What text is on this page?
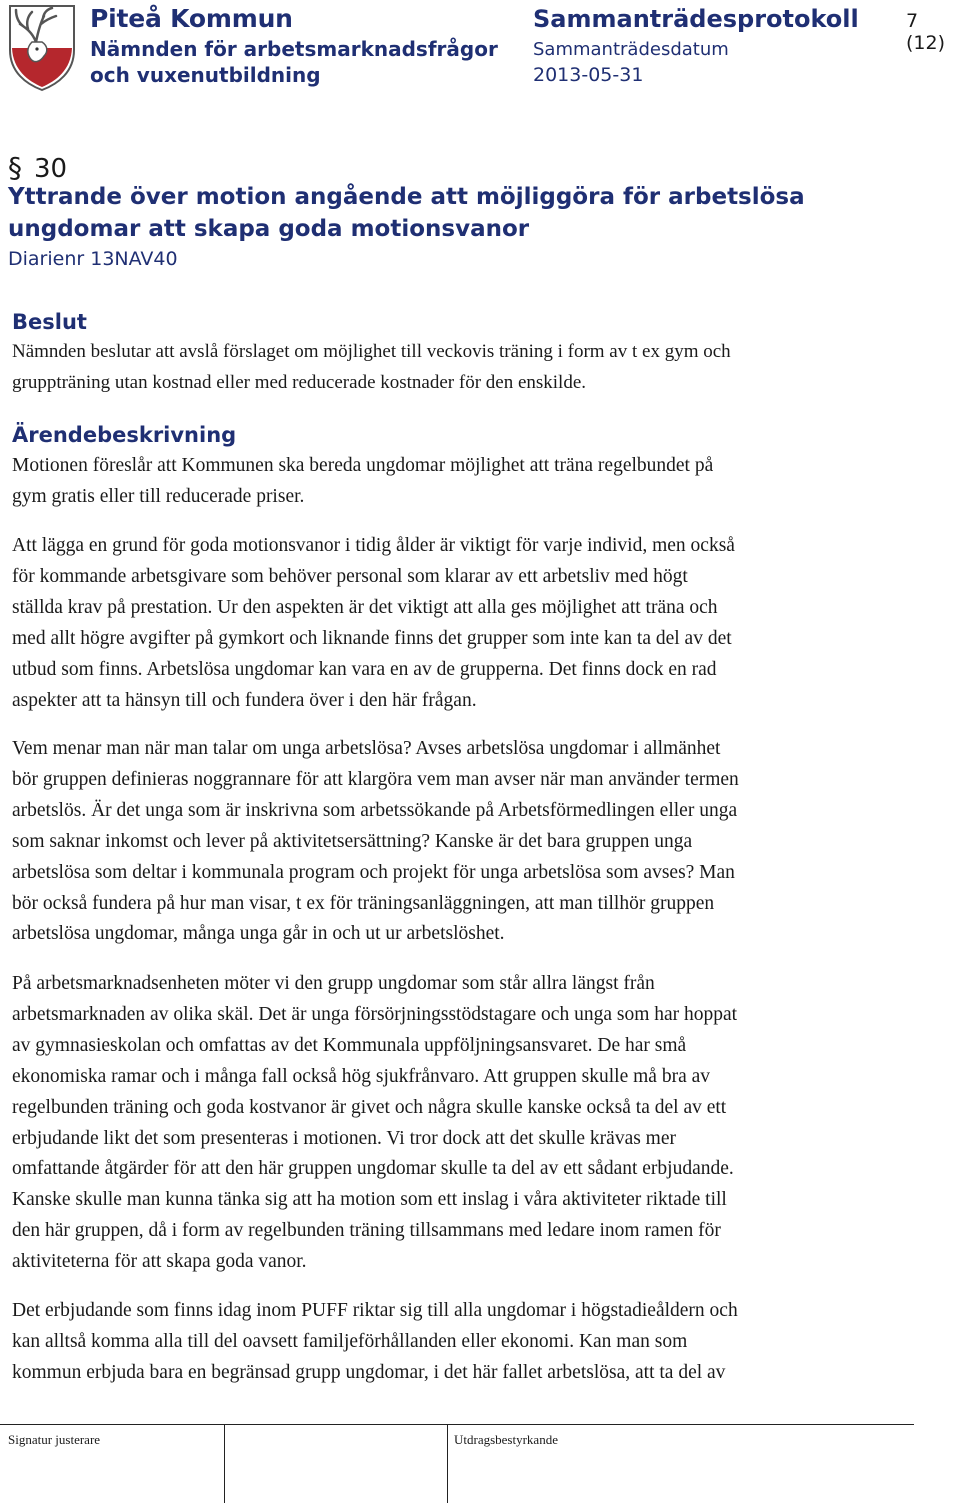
Piteå Kommun
Nämnden för arbetsmarknadsfrågor
och vuxenutbildning
Sammanträdesprotokoll
Sammanträdesdatum
2013-05-31
7 (12)
§ 30
Yttrande över motion angående att möjliggöra för arbetslösa
ungdomar att skapa goda motionsvanor
Diarienr 13NAV40
Beslut

Nämnden beslutar att avslå förslaget om möjlighet till veckovis träning i form av t ex gym och
gruppträning utan kostnad eller med reducerade kostnader för den enskilde.

Ärendebeskrivning

Motionen föreslår att Kommunen ska bereda ungdomar möjlighet att träna regelbundet på
gym gratis eller till reducerade priser.

Att lägga en grund för goda motionsvanor i tidig ålder är viktigt för varje individ, men också
för kommande arbetsgivare som behöver personal som klarar av ett arbetsliv med högt
ställda krav på prestation. Ur den aspekten är det viktigt att alla ges möjlighet att träna och
med allt högre avgifter på gymkort och liknande finns det grupper som inte kan ta del av det
utbud som finns. Arbetslösa ungdomar kan vara en av de grupperna. Det finns dock en rad
aspekter att ta hänsyn till och fundera över i den här frågan.

Vem menar man när man talar om unga arbetslösa? Avses arbetslösa ungdomar i allmänhet
bör gruppen definieras noggrannare för att klargöra vem man avser när man använder termen
arbetslös. Är det unga som är inskrivna som arbetssökande på Arbetsförmedlingen eller unga
som saknar inkomst och lever på aktivitetsersättning? Kanske är det bara gruppen unga
arbetslösa som deltar i kommunala program och projekt för unga arbetslösa som avses? Man
bör också fundera på hur man visar, t ex för träningsanläggningen, att man tillhör gruppen
arbetslösa ungdomar, många unga går in och ut ur arbetslöshet.

På arbetsmarknadsenheten möter vi den grupp ungdomar som står allra längst från
arbetsmarknaden av olika skäl. Det är unga försörjningsstödstagare och unga som har hoppat
av gymnasieskolan och omfattas av det Kommunala uppföljningsansvaret. De har små
ekonomiska ramar och i många fall också hög sjukfrånvaro. Att gruppen skulle må bra av
regelbunden träning och goda kostvanor är givet och några skulle kanske också ta del av ett
erbjudande likt det som presenteras i motionen. Vi tror dock att det skulle krävas mer
omfattande åtgärder för att den här gruppen ungdomar skulle ta del av ett sådant erbjudande.
Kanske skulle man kunna tänka sig att ha motion som ett inslag i våra aktiviteter riktade till
den här gruppen, då i form av regelbunden träning tillsammans med ledare inom ramen för
aktiviteterna för att skapa goda vanor.

Det erbjudande som finns idag inom PUFF riktar sig till alla ungdomar i högstadieåldern och
kan alltså komma alla till del oavsett familjeförhållanden eller ekonomi. Kan man som
kommun erbjuda bara en begränsad grupp ungdomar, i det här fallet arbetslösa, att ta del av

Signatur justerare	Utdragsbestyrkande
